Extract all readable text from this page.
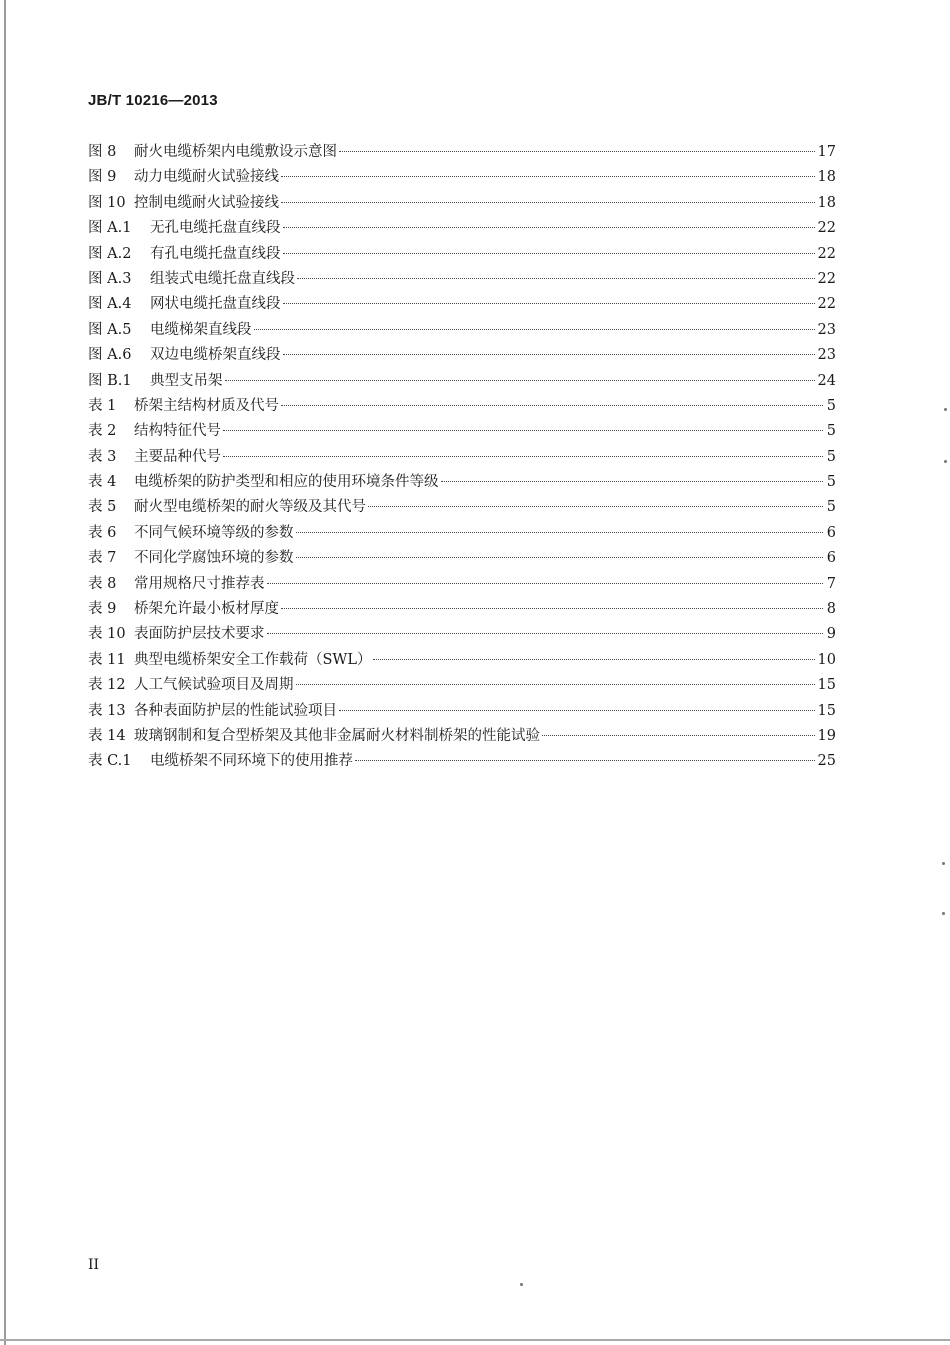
JB/T 10216—2013
图 8	耐火电缆桥架内电缆敷设示意图	17
图 9	动力电缆耐火试验接线	18
图 10 控制电缆耐火试验接线	18
图 A.1	无孔电缆托盘直线段	22
图 A.2	有孔电缆托盘直线段	22
图 A.3	组装式电缆托盘直线段	22
图 A.4	网状电缆托盘直线段	22
图 A.5	电缆梯架直线段	23
图 A.6	双边电缆桥架直线段	23
图 B.1	典型支吊架	24
表 1	桥架主结构材质及代号	5
表 2	结构特征代号	5
表 3	主要品种代号	5
表 4	电缆桥架的防护类型和相应的使用环境条件等级	5
表 5	耐火型电缆桥架的耐火等级及其代号	5
表 6	不同气候环境等级的参数	6
表 7	不同化学腐蚀环境的参数	6
表 8	常用规格尺寸推荐表	7
表 9	桥架允许最小板材厚度	8
表 10 表面防护层技术要求	9
表 11 典型电缆桥架安全工作载荷（SWL）	10
表 12 人工气候试验项目及周期	15
表 13 各种表面防护层的性能试验项目	15
表 14 玻璃钢制和复合型桥架及其他非金属耐火材料制桥架的性能试验	19
表 C.1	电缆桥架不同环境下的使用推荐	25
II
